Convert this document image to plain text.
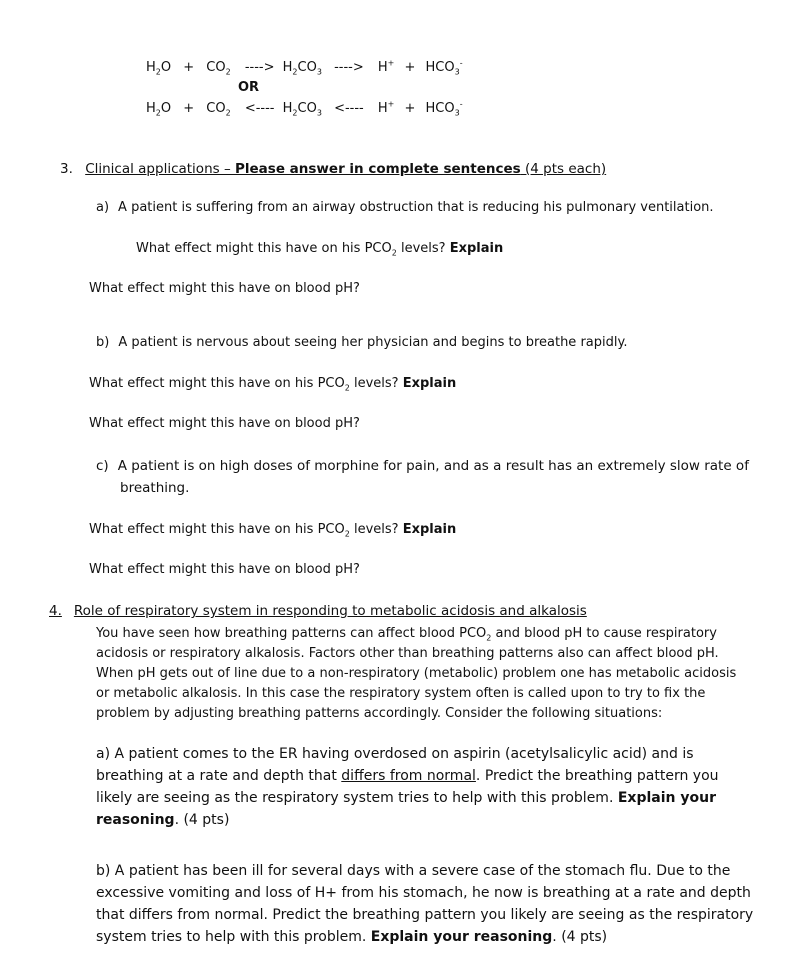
$H_2O + CO_2$ ----> $H_2CO_3$ ----> $H^+ + HCO_3^-$
OR
$H_2O + CO_2$ <---- $H_2CO_3$ <---- $H^+ + HCO_3^-$
3. Clinical applications – Please answer in complete sentences (4 pts each)
a) A patient is suffering from an airway obstruction that is reducing his pulmonary ventilation.
What effect might this have on his $PCO_2$ levels? Explain
What effect might this have on blood pH?
b) A patient is nervous about seeing her physician and begins to breathe rapidly.
What effect might this have on his $PCO_2$ levels? Explain
What effect might this have on blood pH?
c) A patient is on high doses of morphine for pain, and as a result has an extremely slow rate of
breathing.
What effect might this have on his $PCO_2$ levels? Explain
What effect might this have on blood pH?
4. Role of respiratory system in responding to metabolic acidosis and alkalosis
You have seen how breathing patterns can affect blood $PCO_2$ and blood pH to cause respiratory acidosis or respiratory alkalosis. Factors other than breathing patterns also can affect blood pH. When pH gets out of line due to a non-respiratory (metabolic) problem one has metabolic acidosis or metabolic alkalosis. In this case the respiratory system often is called upon to try to fix the problem by adjusting breathing patterns accordingly. Consider the following situations:
a) A patient comes to the ER having overdosed on aspirin (acetylsalicylic acid) and is breathing at a rate and depth that differs from normal. Predict the breathing pattern you likely are seeing as the respiratory system tries to help with this problem. Explain your reasoning. (4 pts)
b) A patient has been ill for several days with a severe case of the stomach flu. Due to the excessive vomiting and loss of H+ from his stomach, he now is breathing at a rate and depth that differs from normal. Predict the breathing pattern you likely are seeing as the respiratory system tries to help with this problem. Explain your reasoning. (4 pts)
